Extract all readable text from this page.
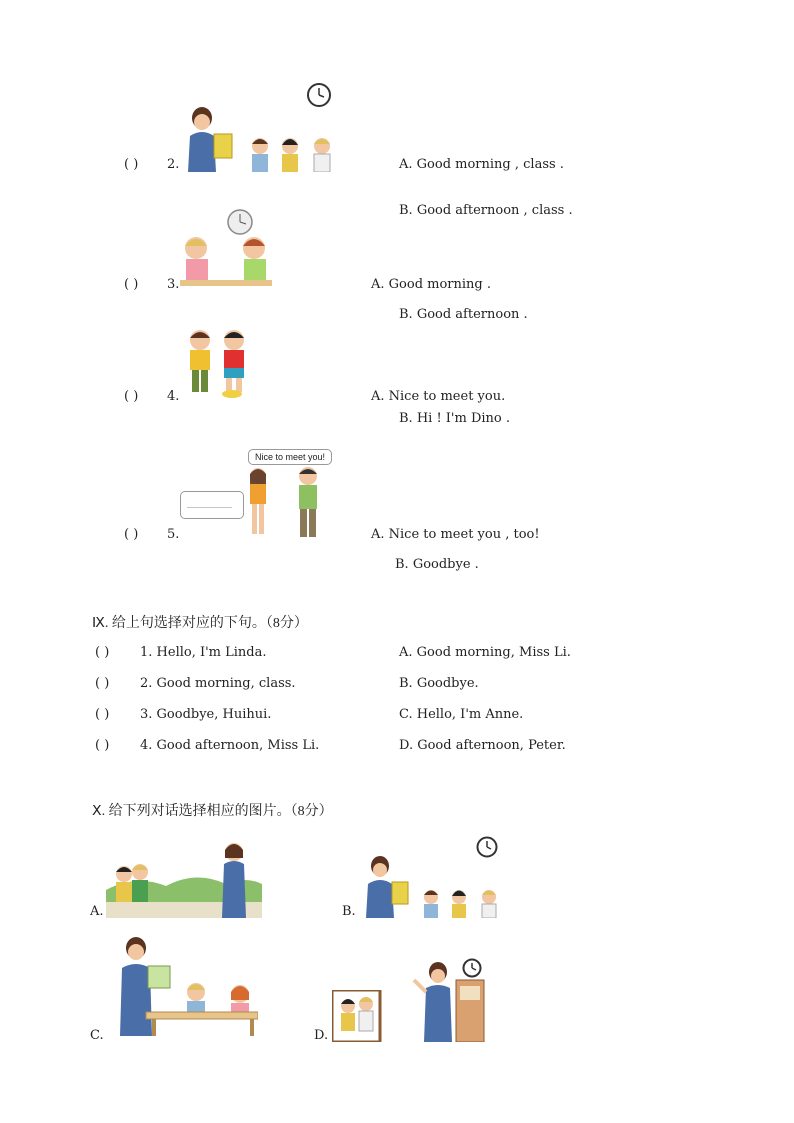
( ) 2.	A. Good morning , class .
B. Good afternoon , class .
( ) 3.	A. Good morning .
B. Good afternoon .
( ) 4.	A. Nice to meet you.
B. Hi ! I'm Dino .
Nice to meet you!
__________
( ) 5.	A. Nice to meet you , too!
B. Goodbye .
Ⅸ. 给上句选择对应的下句。（8分）
( ) 1. Hello, I'm Linda.	A. Good morning, Miss Li.
( ) 2. Good morning, class.	B. Goodbye.
( ) 3. Goodbye, Huihui.	C. Hello, I'm Anne.
( ) 4. Good afternoon, Miss Li.	D. Good afternoon, Peter.
Ⅹ. 给下列对话选择相应的图片。（8分）
A.	B.
C.	D.
